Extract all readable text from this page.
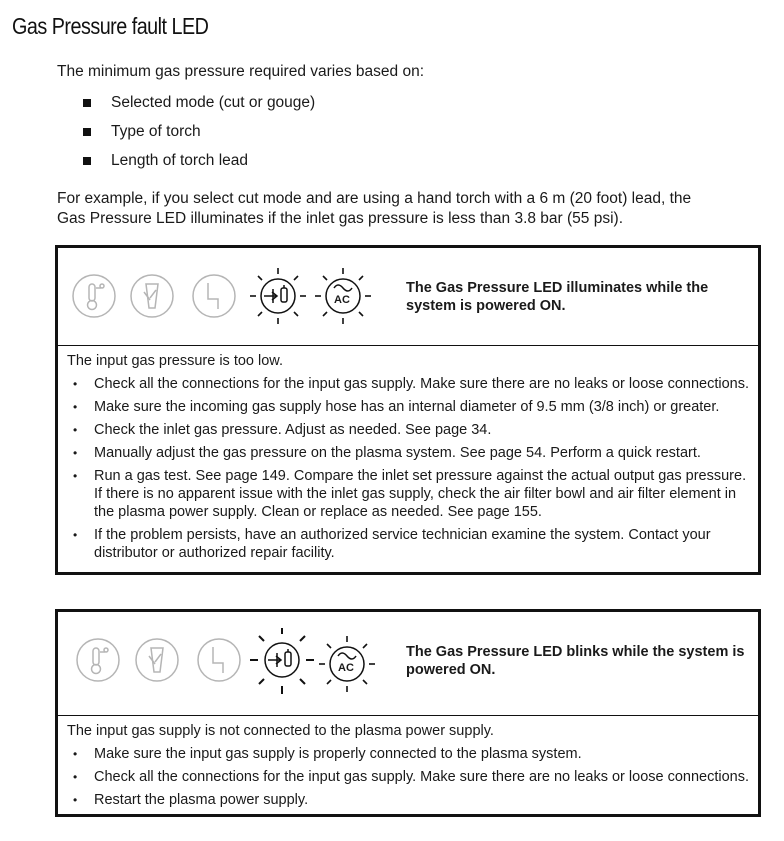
Gas Pressure fault LED

The minimum gas pressure required varies based on:

Selected mode (cut or gouge)
Type of torch
Length of torch lead

For example, if you select cut mode and are using a hand torch with a 6 m (20 foot) lead, the
Gas Pressure LED illuminates if the inlet gas pressure is less than 3.8 bar (55 psi).

AC
The Gas Pressure LED illuminates while the
system is powered ON.

The input gas pressure is too low.

• Check all the connections for the input gas supply. Make sure there are no leaks or loose connections.
• Make sure the incoming gas supply hose has an internal diameter of 9.5 mm (3/8 inch) or greater.
• Check the inlet gas pressure. Adjust as needed. See page 34.
• Manually adjust the gas pressure on the plasma system. See page 54. Perform a quick restart.
• Run a gas test. See page 149. Compare the inlet set pressure against the actual output gas pressure.
If there is no apparent issue with the inlet gas supply, check the air filter bowl and air filter element in
the plasma power supply. Clean or replace as needed. See page 155.
• If the problem persists, have an authorized service technician examine the system. Contact your
distributor or authorized repair facility.
AC
The Gas Pressure LED blinks while the system is
powered ON.

The input gas supply is not connected to the plasma power supply.

• Make sure the input gas supply is properly connected to the plasma system.
• Check all the connections for the input gas supply. Make sure there are no leaks or loose connections.
• Restart the plasma power supply.
